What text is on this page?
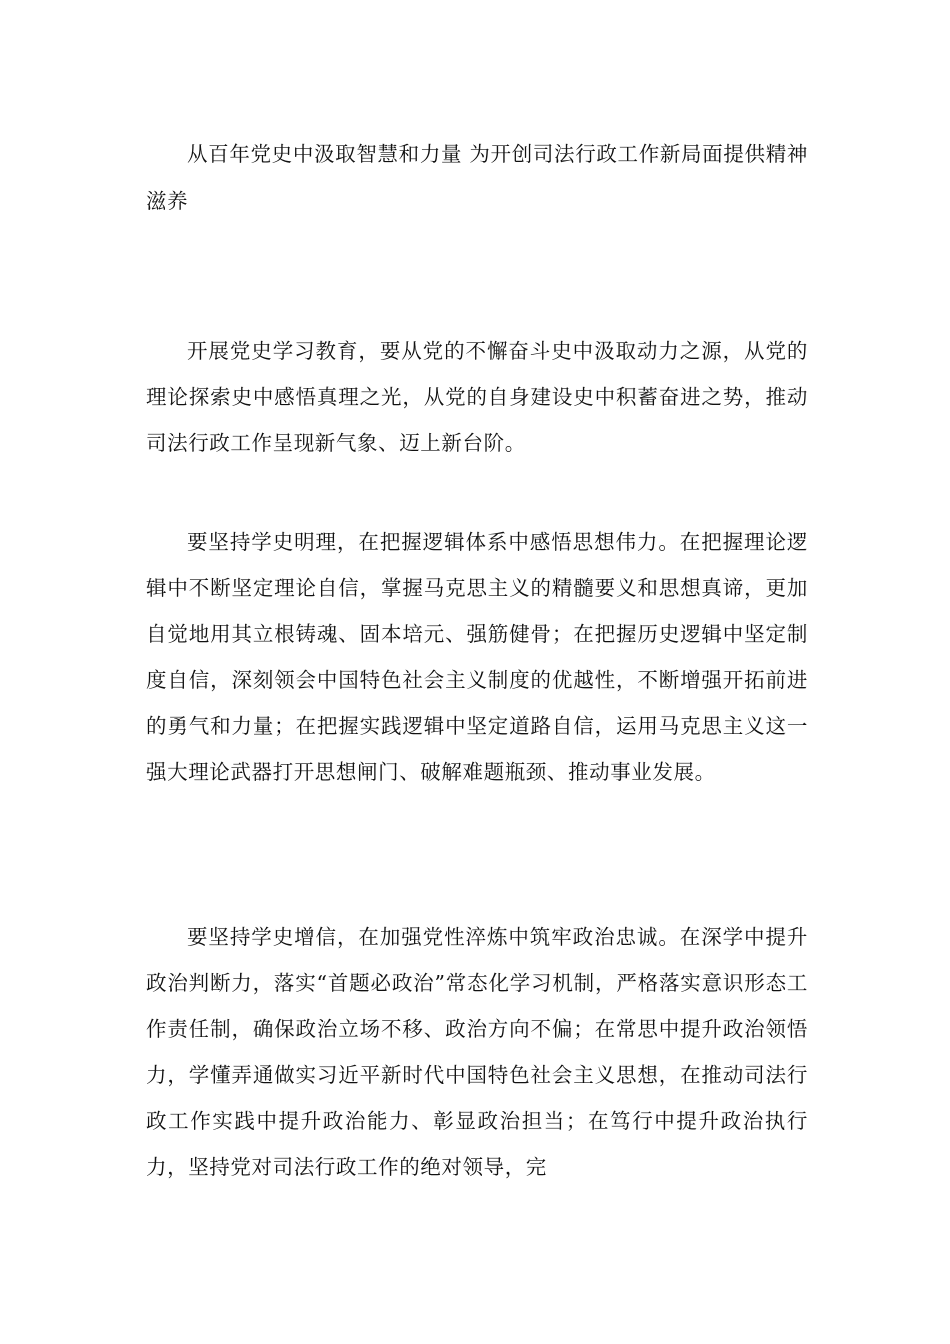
从百年党史中汲取智慧和力量 为开创司法行政工作新局面提供精神滋养

开展党史学习教育，要从党的不懈奋斗史中汲取动力之源，从党的理论探索史中感悟真理之光，从党的自身建设史中积蓄奋进之势，推动司法行政工作呈现新气象、迈上新台阶。

要坚持学史明理，在把握逻辑体系中感悟思想伟力。在把握理论逻辑中不断坚定理论自信，掌握马克思主义的精髓要义和思想真谛，更加自觉地用其立根铸魂、固本培元、强筋健骨；在把握历史逻辑中坚定制度自信，深刻领会中国特色社会主义制度的优越性，不断增强开拓前进的勇气和力量；在把握实践逻辑中坚定道路自信，运用马克思主义这一强大理论武器打开思想闸门、破解难题瓶颈、推动事业发展。

要坚持学史增信，在加强党性淬炼中筑牢政治忠诚。在深学中提升政治判断力，落实“首题必政治”常态化学习机制，严格落实意识形态工作责任制，确保政治立场不移、政治方向不偏；在常思中提升政治领悟力，学懂弄通做实习近平新时代中国特色社会主义思想，在推动司法行政工作实践中提升政治能力、彰显政治担当；在笃行中提升政治执行力，坚持党对司法行政工作的绝对领导，完
